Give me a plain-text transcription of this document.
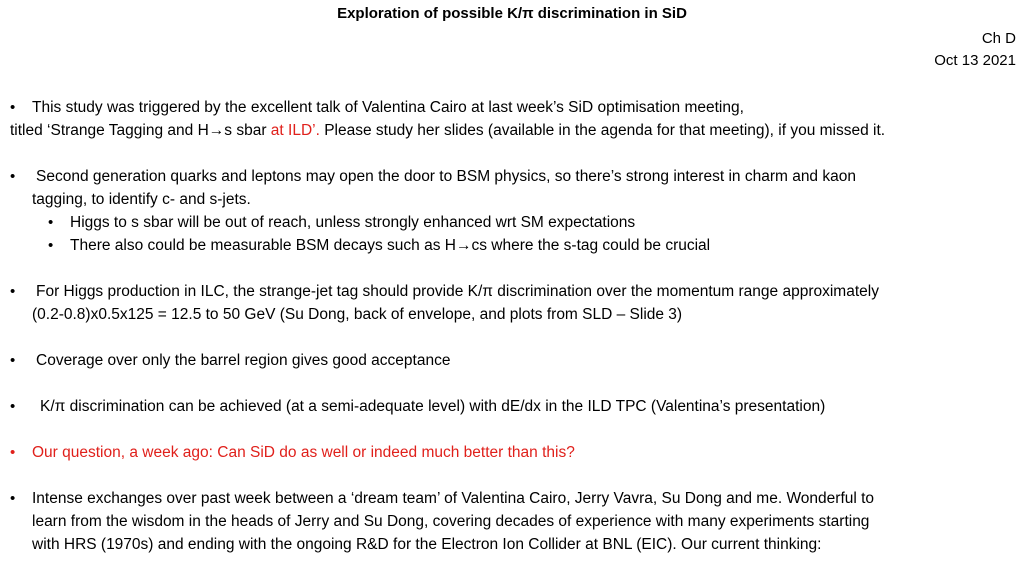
Exploration of possible K/π discrimination in SiD
Ch D
Oct 13 2021
• This study was triggered by the excellent talk of Valentina Cairo at last week’s SiD optimisation meeting,
titled ‘Strange Tagging and H→s sbar at ILD’. Please study her slides (available in the agenda for that meeting), if you missed it.
• Second generation quarks and leptons may open the door to BSM physics, so there’s strong interest in charm and kaon
tagging, to identify c- and s-jets.
• Higgs to s sbar will be out of reach, unless strongly enhanced wrt SM expectations
• There also could be measurable BSM decays such as H→cs where the s-tag could be crucial
• For Higgs production in ILC, the strange-jet tag should provide K/π discrimination over the momentum range approximately
(0.2-0.8)x0.5x125 = 12.5 to 50 GeV (Su Dong, back of envelope, and plots from SLD – Slide 3)
• Coverage over only the barrel region gives good acceptance
• K/π discrimination can be achieved (at a semi-adequate level) with dE/dx in the ILD TPC (Valentina’s presentation)
• Our question, a week ago: Can SiD do as well or indeed much better than this?
• Intense exchanges over past week between a ‘dream team’ of Valentina Cairo, Jerry Vavra, Su Dong and me. Wonderful to
learn from the wisdom in the heads of Jerry and Su Dong, covering decades of experience with many experiments starting
with HRS (1970s) and ending with the ongoing R&D for the Electron Ion Collider at BNL (EIC). Our current thinking:
